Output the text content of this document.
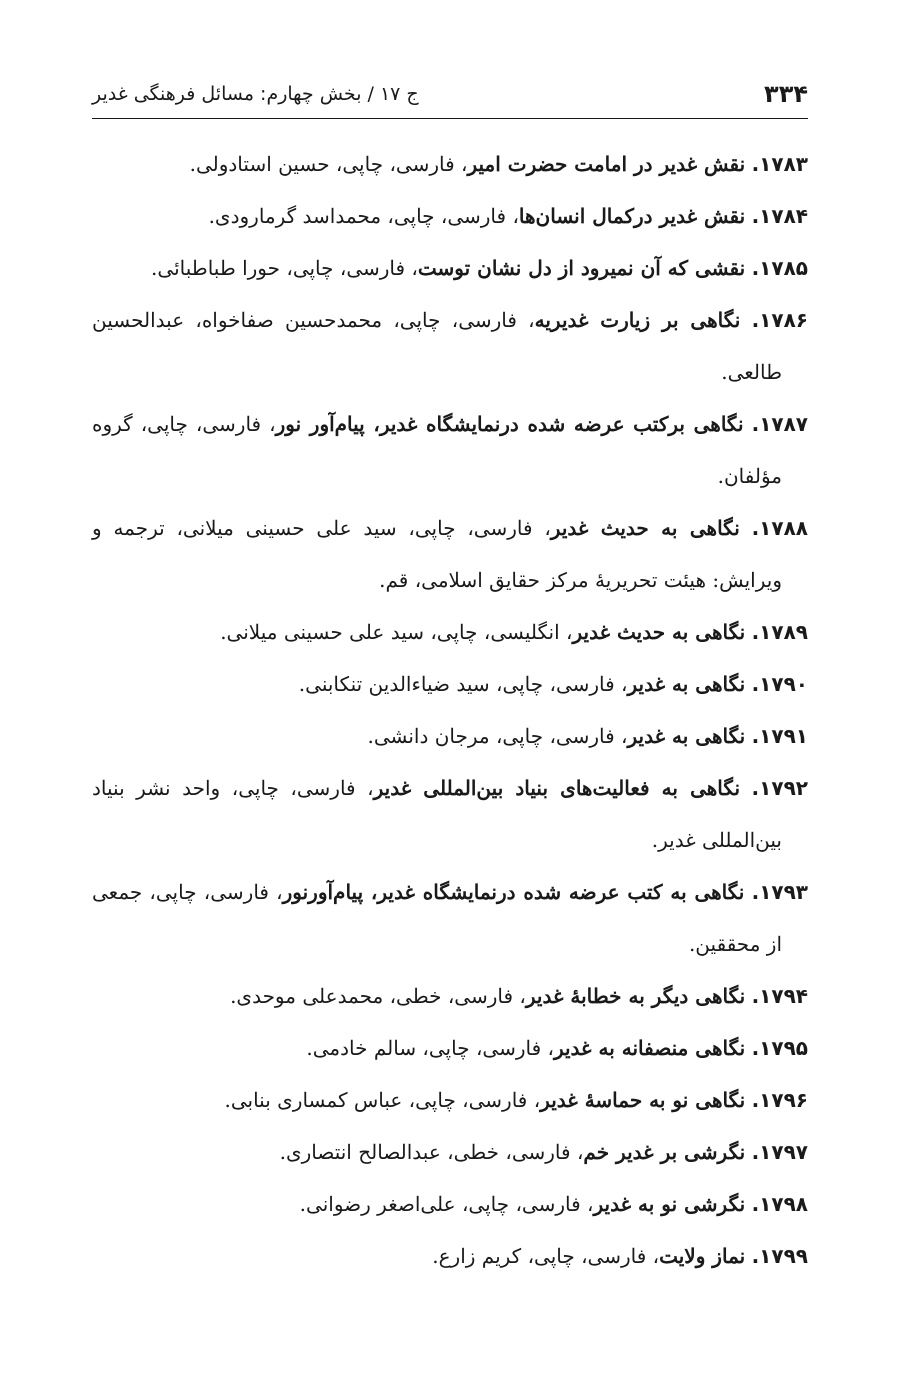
۳۳۴
ج ۱۷ / بخش چهارم: مسائل فرهنگی غدیر
۱۷۸۳. نقش غدیر در امامت حضرت امیر، فارسی، چاپی، حسین استادولی.
۱۷۸۴. نقش غدیر درکمال انسان‌ها، فارسی، چاپی، محمداسد گرمارودی.
۱۷۸۵. نقشی که آن نمیرود از دل نشان توست، فارسی، چاپی، حورا طباطبائی.
۱۷۸۶. نگاهی بر زیارت غدیریه، فارسی، چاپی، محمدحسین صفاخواه، عبدالحسین طالعی.
۱۷۸۷. نگاهی برکتب عرضه شده درنمایشگاه غدیر، پیام‌آور نور، فارسی، چاپی، گروه مؤلفان.
۱۷۸۸. نگاهی به حدیث غدیر، فارسی، چاپی، سید علی حسینی میلانی، ترجمه و ویرایش: هیئت تحریریهٔ مرکز حقایق اسلامی، قم.
۱۷۸۹. نگاهی به حدیث غدیر، انگلیسی، چاپی، سید علی حسینی میلانی.
۱۷۹۰. نگاهی به غدیر، فارسی، چاپی، سید ضیاءالدین تنکابنی.
۱۷۹۱. نگاهی به غدیر، فارسی، چاپی، مرجان دانشی.
۱۷۹۲. نگاهی به فعالیت‌های بنیاد بین‌المللی غدیر، فارسی، چاپی، واحد نشر بنیاد بین‌المللی غدیر.
۱۷۹۳. نگاهی به کتب عرضه شده درنمایشگاه غدیر، پیام‌آورنور، فارسی، چاپی، جمعی از محققین.
۱۷۹۴. نگاهی دیگر به خطابهٔ غدیر، فارسی، خطی، محمدعلی موحدی.
۱۷۹۵. نگاهی منصفانه به غدیر، فارسی، چاپی، سالم خادمی.
۱۷۹۶. نگاهی نو به حماسهٔ غدیر، فارسی، چاپی، عباس کمساری بنابی.
۱۷۹۷. نگرشی بر غدیر خم، فارسی، خطی، عبدالصالح انتصاری.
۱۷۹۸. نگرشی نو به غدیر، فارسی، چاپی، علی‌اصغر رضوانی.
۱۷۹۹. نماز ولایت، فارسی، چاپی، کریم زارع.
